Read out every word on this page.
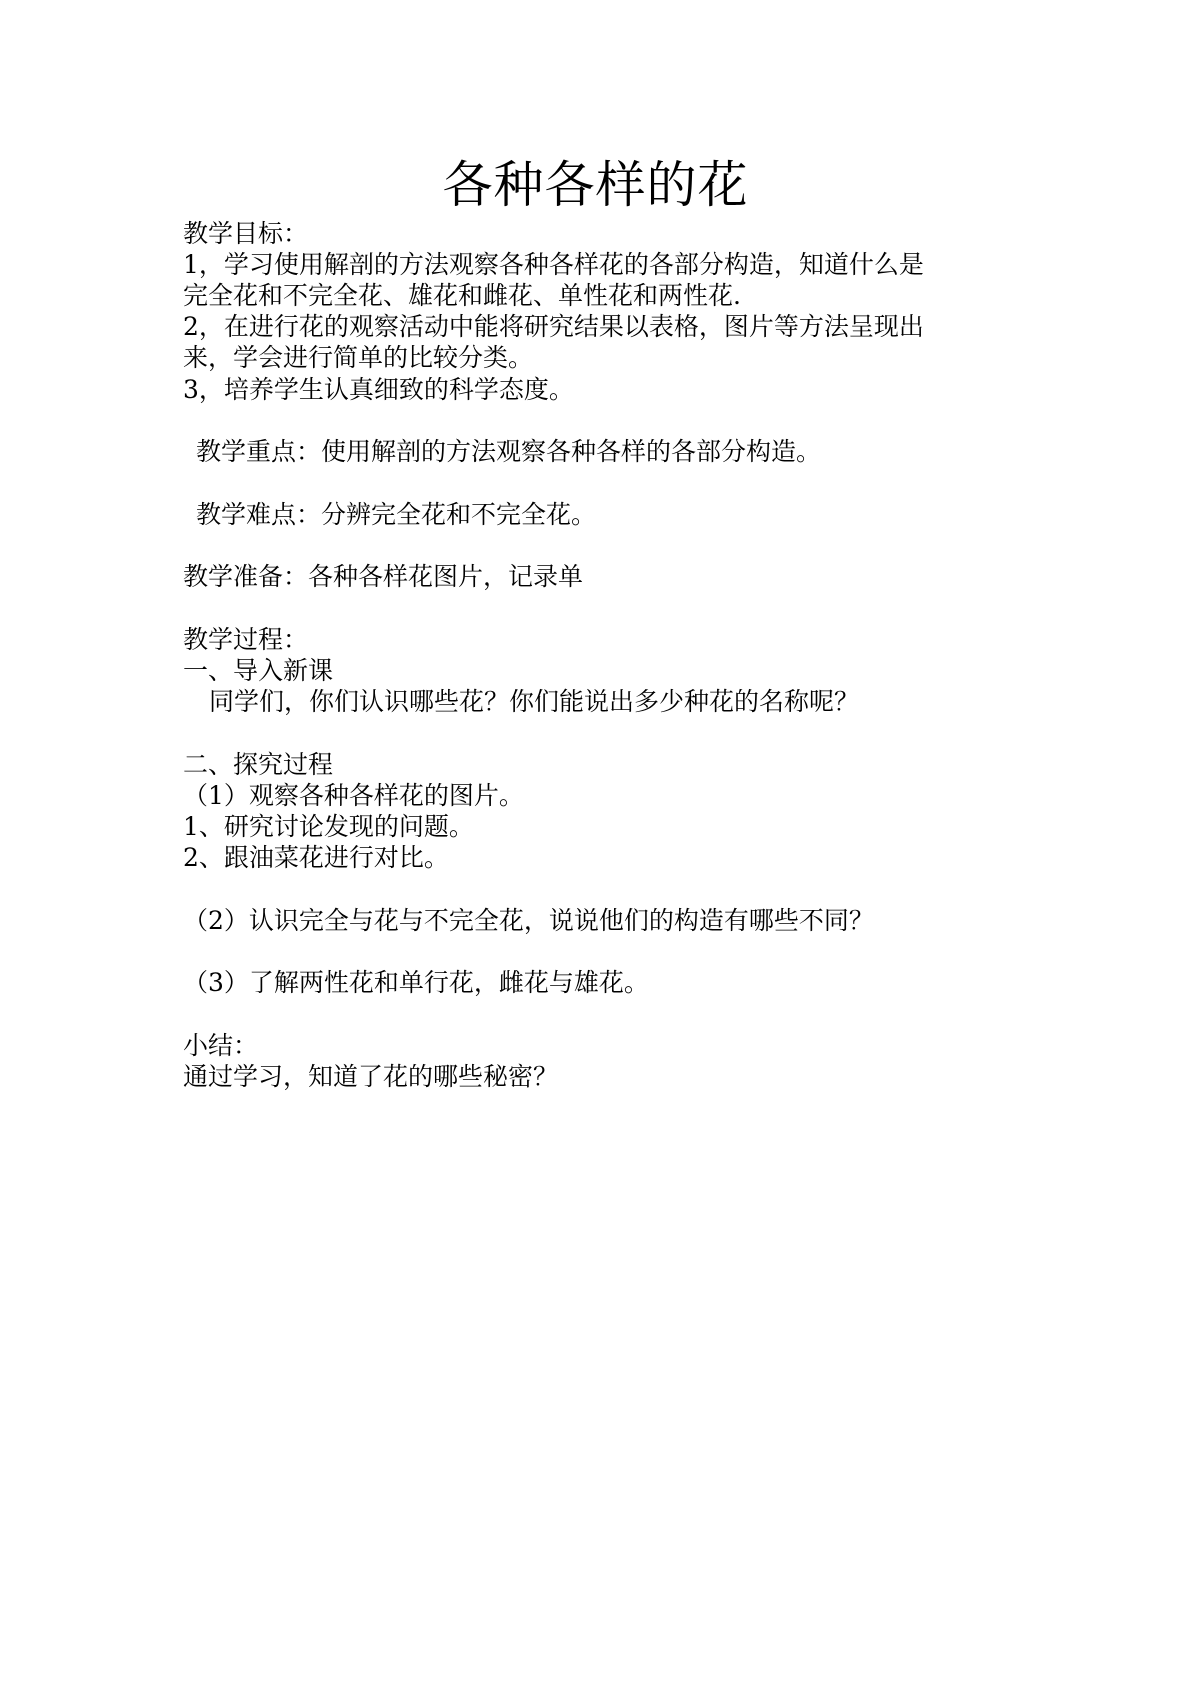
各种各样的花

教学目标：

1，学习使用解剖的方法观察各种各样花的各部分构造，知道什么是

完全花和不完全花、雄花和雌花、单性花和两性花.

2，在进行花的观察活动中能将研究结果以表格，图片等方法呈现出

来，学会进行简单的比较分类。

3，培养学生认真细致的科学态度。

教学重点：使用解剖的方法观察各种各样的各部分构造。

教学难点：分辨完全花和不完全花。

教学准备：各种各样花图片，记录单

教学过程：

一、导入新课

同学们，你们认识哪些花？你们能说出多少种花的名称呢？

二、探究过程

（1）观察各种各样花的图片。

1、研究讨论发现的问题。

2、跟油菜花进行对比。

（2）认识完全与花与不完全花，说说他们的构造有哪些不同？

（3）了解两性花和单行花，雌花与雄花。

小结：

通过学习，知道了花的哪些秘密？
